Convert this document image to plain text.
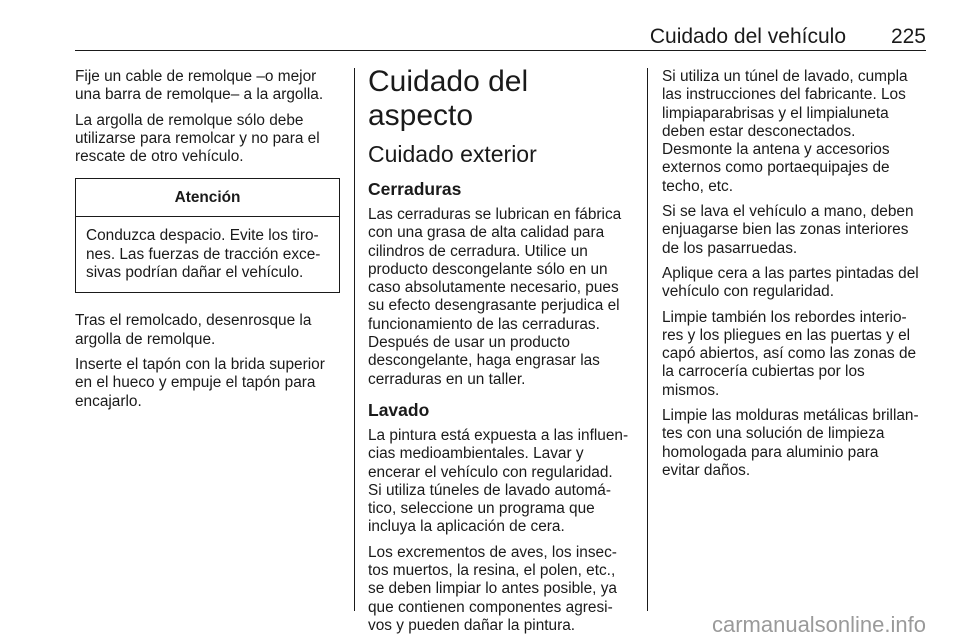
Cuidado del vehículo 225

Fije un cable de remolque –o mejor
una barra de remolque– a la argolla.

La argolla de remolque sólo debe
utilizarse para remolcar y no para el
rescate de otro vehículo.

Atención
Conduzca despacio. Evite los tiro-
nes. Las fuerzas de tracción exce-
sivas podrían dañar el vehículo.

Tras el remolcado, desenrosque la
argolla de remolque.

Inserte el tapón con la brida superior
en el hueco y empuje el tapón para
encajarlo.

Cuidado del aspecto
Cuidado exterior
Cerraduras

Las cerraduras se lubrican en fábrica
con una grasa de alta calidad para
cilindros de cerradura. Utilice un
producto descongelante sólo en un
caso absolutamente necesario, pues
su efecto desengrasante perjudica el
funcionamiento de las cerraduras.
Después de usar un producto
descongelante, haga engrasar las
cerraduras en un taller.

Lavado

La pintura está expuesta a las influen-
cias medioambientales. Lavar y
encerar el vehículo con regularidad.
Si utiliza túneles de lavado automá-
tico, seleccione un programa que
incluya la aplicación de cera.

Los excrementos de aves, los insec-
tos muertos, la resina, el polen, etc.,
se deben limpiar lo antes posible, ya
que contienen componentes agresi-
vos y pueden dañar la pintura.

Si utiliza un túnel de lavado, cumpla
las instrucciones del fabricante. Los
limpiaparabrisas y el limpialuneta
deben estar desconectados.
Desmonte la antena y accesorios
externos como portaequipajes de
techo, etc.

Si se lava el vehículo a mano, deben
enjuagarse bien las zonas interiores
de los pasarruedas.

Aplique cera a las partes pintadas del
vehículo con regularidad.

Limpie también los rebordes interio-
res y los pliegues en las puertas y el
capó abiertos, así como las zonas de
la carrocería cubiertas por los
mismos.

Limpie las molduras metálicas brillan-
tes con una solución de limpieza
homologada para aluminio para
evitar daños.

carmanualsonline.info
